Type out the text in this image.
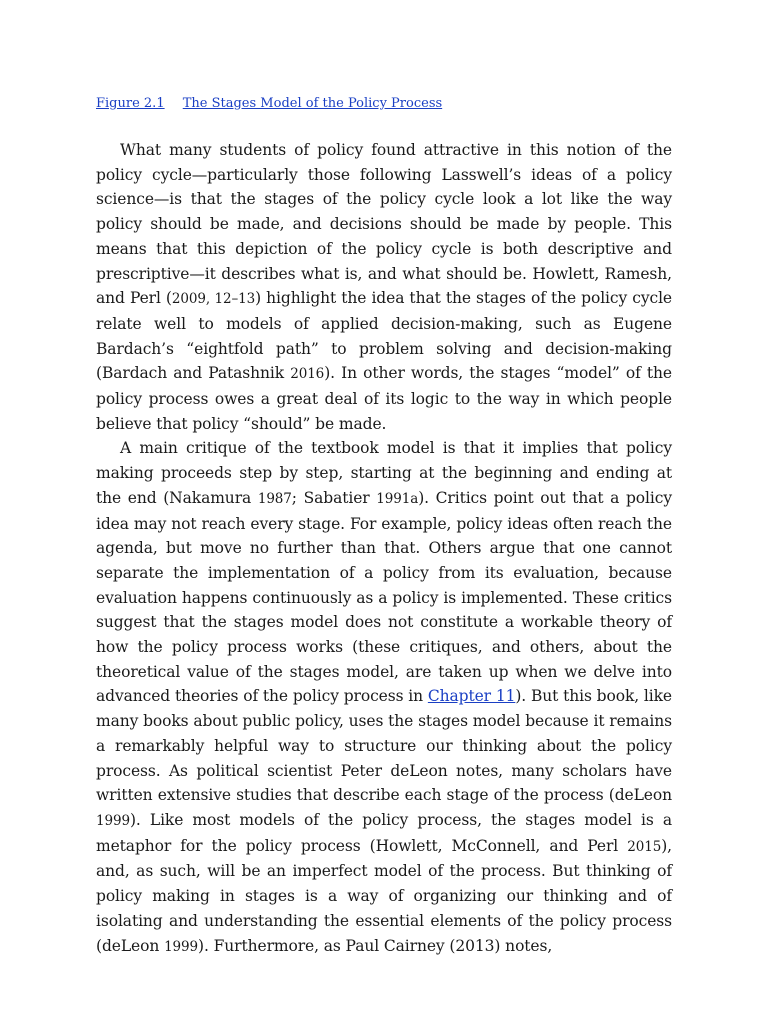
Figure 2.1 The Stages Model of the Policy Process

What many students of policy found attractive in this notion of the policy cycle—particularly those following Lasswell’s ideas of a policy science—is that the stages of the policy cycle look a lot like the way policy should be made, and decisions should be made by people. This means that this depiction of the policy cycle is both descriptive and prescriptive—it describes what is, and what should be. Howlett, Ramesh, and Perl (2009, 12–13) highlight the idea that the stages of the policy cycle relate well to models of applied decision-making, such as Eugene Bardach’s “eightfold path” to problem solving and decision-making (Bardach and Patashnik 2016). In other words, the stages “model” of the policy process owes a great deal of its logic to the way in which people believe that policy “should” be made.

A main critique of the textbook model is that it implies that policy making proceeds step by step, starting at the beginning and ending at the end (Nakamura 1987; Sabatier 1991a). Critics point out that a policy idea may not reach every stage. For example, policy ideas often reach the agenda, but move no further than that. Others argue that one cannot separate the implementation of a policy from its evaluation, because evaluation happens continuously as a policy is implemented. These critics suggest that the stages model does not constitute a workable theory of how the policy process works (these critiques, and others, about the theoretical value of the stages model, are taken up when we delve into advanced theories of the policy process in Chapter 11). But this book, like many books about public policy, uses the stages model because it remains a remarkably helpful way to structure our thinking about the policy process. As political scientist Peter deLeon notes, many scholars have written extensive studies that describe each stage of the process (deLeon 1999). Like most models of the policy process, the stages model is a metaphor for the policy process (Howlett, McConnell, and Perl 2015), and, as such, will be an imperfect model of the process. But thinking of policy making in stages is a way of organizing our thinking and of isolating and understanding the essential elements of the policy process (deLeon 1999). Furthermore, as Paul Cairney (2013) notes,
